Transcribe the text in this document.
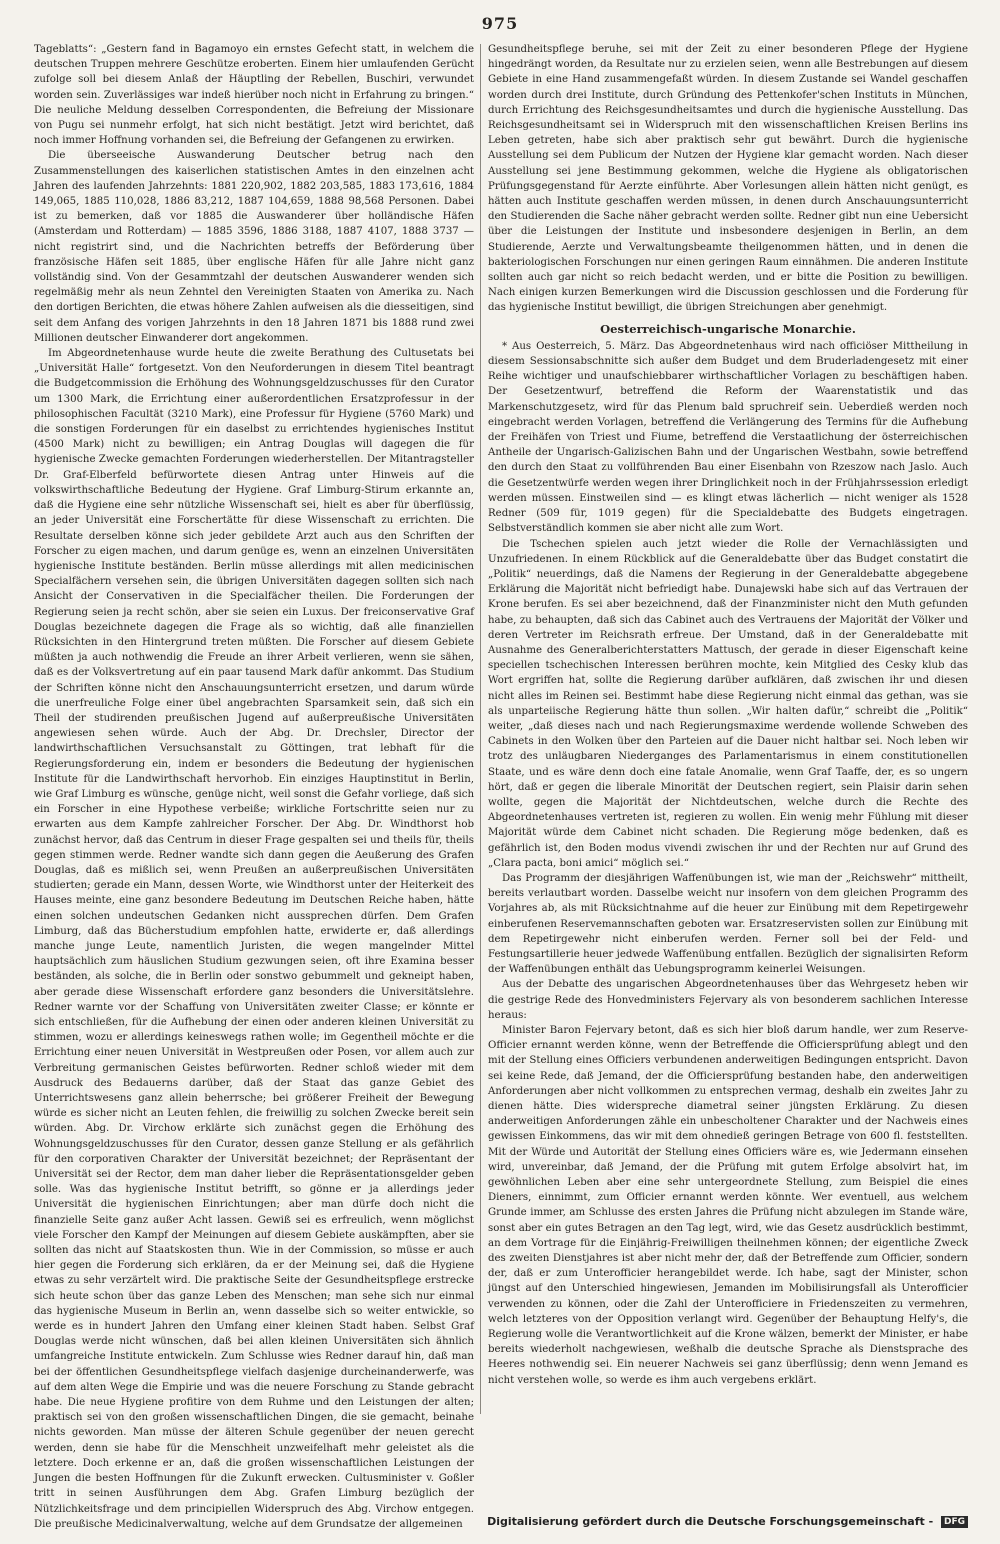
975

Tageblatts“: „Gestern fand in Bagamoyo ein ernstes Gefecht statt, in welchem die deutschen Truppen mehrere Geschütze eroberten. Einem hier umlaufenden Gerücht zufolge soll bei diesem Anlaß der Häuptling der Rebellen, Buschiri, verwundet worden sein. Zuverlässiges war indeß hierüber noch nicht in Erfahrung zu bringen.“ Die neuliche Meldung desselben Correspondenten, die Befreiung der Missionare von Pugu sei nunmehr erfolgt, hat sich nicht bestätigt. Jetzt wird berichtet, daß noch immer Hoffnung vorhanden sei, die Befreiung der Gefangenen zu erwirken.

Die überseeische Auswanderung Deutscher betrug nach den Zusammenstellungen des kaiserlichen statistischen Amtes in den einzelnen acht Jahren des laufenden Jahrzehnts: 1881 220,902, 1882 203,585, 1883 173,616, 1884 149,065, 1885 110,028, 1886 83,212, 1887 104,659, 1888 98,568 Personen. Dabei ist zu bemerken, daß vor 1885 die Auswanderer über holländische Häfen (Amsterdam und Rotterdam) — 1885 3596, 1886 3188, 1887 4107, 1888 3737 — nicht registrirt sind, und die Nachrichten betreffs der Beförderung über französische Häfen seit 1885, über englische Häfen für alle Jahre nicht ganz vollständig sind. Von der Gesammtzahl der deutschen Auswanderer wenden sich regelmäßig mehr als neun Zehntel den Vereinigten Staaten von Amerika zu. Nach den dortigen Berichten, die etwas höhere Zahlen aufweisen als die diesseitigen, sind seit dem Anfang des vorigen Jahrzehnts in den 18 Jahren 1871 bis 1888 rund zwei Millionen deutscher Einwanderer dort angekommen.

Im Abgeordnetenhause wurde heute die zweite Berathung des Cultusetats bei „Universität Halle“ fortgesetzt. Von den Neuforderungen in diesem Titel beantragt die Budgetcommission die Erhöhung des Wohnungsgeldzuschusses für den Curator um 1300 Mark, die Errichtung einer außerordentlichen Ersatzprofessur in der philosophischen Facultät (3210 Mark), eine Professur für Hygiene (5760 Mark) und die sonstigen Forderungen für ein daselbst zu errichtendes hygienisches Institut (4500 Mark) nicht zu bewilligen; ein Antrag Douglas will dagegen die für hygienische Zwecke gemachten Forderungen wiederherstellen. Der Mitantragsteller Dr. Graf-Elberfeld befürwortete diesen Antrag unter Hinweis auf die volkswirthschaftliche Bedeutung der Hygiene. Graf Limburg-Stirum erkannte an, daß die Hygiene eine sehr nützliche Wissenschaft sei, hielt es aber für überflüssig, an jeder Universität eine Forschertätte für diese Wissenschaft zu errichten. Die Resultate derselben könne sich jeder gebildete Arzt auch aus den Schriften der Forscher zu eigen machen, und darum genüge es, wenn an einzelnen Universitäten hygienische Institute beständen. Berlin müsse allerdings mit allen medicinischen Specialfächern versehen sein, die übrigen Universitäten dagegen sollten sich nach Ansicht der Conservativen in die Specialfächer theilen. Die Forderungen der Regierung seien ja recht schön, aber sie seien ein Luxus. Der freiconservative Graf Douglas bezeichnete dagegen die Frage als so wichtig, daß alle finanziellen Rücksichten in den Hintergrund treten müßten. Die Forscher auf diesem Gebiete müßten ja auch nothwendig die Freude an ihrer Arbeit verlieren, wenn sie sähen, daß es der Volksvertretung auf ein paar tausend Mark dafür ankommt. Das Studium der Schriften könne nicht den Anschauungsunterricht ersetzen, und darum würde die unerfreuliche Folge einer übel angebrachten Sparsamkeit sein, daß sich ein Theil der studirenden preußischen Jugend auf außerpreußische Universitäten angewiesen sehen würde. Auch der Abg. Dr. Drechsler, Director der landwirthschaftlichen Versuchsanstalt zu Göttingen, trat lebhaft für die Regierungsforderung ein, indem er besonders die Bedeutung der hygienischen Institute für die Landwirthschaft hervorhob. Ein einziges Hauptinstitut in Berlin, wie Graf Limburg es wünsche, genüge nicht, weil sonst die Gefahr vorliege, daß sich ein Forscher in eine Hypothese verbeiße; wirkliche Fortschritte seien nur zu erwarten aus dem Kampfe zahlreicher Forscher. Der Abg. Dr. Windthorst hob zunächst hervor, daß das Centrum in dieser Frage gespalten sei und theils für, theils gegen stimmen werde. Redner wandte sich dann gegen die Aeußerung des Grafen Douglas, daß es mißlich sei, wenn Preußen an außerpreußischen Universitäten studierten; gerade ein Mann, dessen Worte, wie Windthorst unter der Heiterkeit des Hauses meinte, eine ganz besondere Bedeutung im Deutschen Reiche haben, hätte einen solchen undeutschen Gedanken nicht aussprechen dürfen. Dem Grafen Limburg, daß das Bücherstudium empfohlen hatte, erwiderte er, daß allerdings manche junge Leute, namentlich Juristen, die wegen mangelnder Mittel hauptsächlich zum häuslichen Studium gezwungen seien, oft ihre Examina besser beständen, als solche, die in Berlin oder sonstwo gebummelt und gekneipt haben, aber gerade diese Wissenschaft erfordere ganz besonders die Universitätslehre. Redner warnte vor der Schaffung von Universitäten zweiter Classe; er könnte er sich entschließen, für die Aufhebung der einen oder anderen kleinen Universität zu stimmen, wozu er allerdings keineswegs rathen wolle; im Gegentheil möchte er die Errichtung einer neuen Universität in Westpreußen oder Posen, vor allem auch zur Verbreitung germanischen Geistes befürworten. Redner schloß wieder mit dem Ausdruck des Bedauerns darüber, daß der Staat das ganze Gebiet des Unterrichtswesens ganz allein beherrsche; bei größerer Freiheit der Bewegung würde es sicher nicht an Leuten fehlen, die freiwillig zu solchen Zwecke bereit sein würden. Abg. Dr. Virchow erklärte sich zunächst gegen die Erhöhung des Wohnungsgeldzuschusses für den Curator, dessen ganze Stellung er als gefährlich für den corporativen Charakter der Universität bezeichnet; der Repräsentant der Universität sei der Rector, dem man daher lieber die Repräsentationsgelder geben solle. Was das hygienische Institut betrifft, so gönne er ja allerdings jeder Universität die hygienischen Einrichtungen; aber man dürfe doch nicht die finanzielle Seite ganz außer Acht lassen. Gewiß sei es erfreulich, wenn möglichst viele Forscher den Kampf der Meinungen auf diesem Gebiete auskämpften, aber sie sollten das nicht auf Staatskosten thun. Wie in der Commission, so müsse er auch hier gegen die Forderung sich erklären, da er der Meinung sei, daß die Hygiene etwas zu sehr verzärtelt wird. Die praktische Seite der Gesundheitspflege erstrecke sich heute schon über das ganze Leben des Menschen; man sehe sich nur einmal das hygienische Museum in Berlin an, wenn dasselbe sich so weiter entwickle, so werde es in hundert Jahren den Umfang einer kleinen Stadt haben. Selbst Graf Douglas werde nicht wünschen, daß bei allen kleinen Universitäten sich ähnlich umfangreiche Institute entwickeln. Zum Schlusse wies Redner darauf hin, daß man bei der öffentlichen Gesundheitspflege vielfach dasjenige durcheinanderwerfe, was auf dem alten Wege die Empirie und was die neuere Forschung zu Stande gebracht habe. Die neue Hygiene profitire von dem Ruhme und den Leistungen der alten; praktisch sei von den großen wissenschaftlichen Dingen, die sie gemacht, beinahe nichts geworden. Man müsse der älteren Schule gegenüber der neuen gerecht werden, denn sie habe für die Menschheit unzweifelhaft mehr geleistet als die letztere. Doch erkenne er an, daß die großen wissenschaftlichen Leistungen der Jungen die besten Hoffnungen für die Zukunft erwecken. Cultusminister v. Goßler tritt in seinen Ausführungen dem Abg. Grafen Limburg bezüglich der Nützlichkeitsfrage und dem principiellen Widerspruch des Abg. Virchow entgegen. Die preußische Medicinalverwaltung, welche auf dem Grundsatze der allgemeinen

Gesundheitspflege beruhe, sei mit der Zeit zu einer besonderen Pflege der Hygiene hingedrängt worden, da Resultate nur zu erzielen seien, wenn alle Bestrebungen auf diesem Gebiete in eine Hand zusammengefaßt würden. In diesem Zustande sei Wandel geschaffen worden durch drei Institute, durch Gründung des Pettenkofer'schen Instituts in München, durch Errichtung des Reichsgesundheitsamtes und durch die hygienische Ausstellung. Das Reichsgesundheitsamt sei in Widerspruch mit den wissenschaftlichen Kreisen Berlins ins Leben getreten, habe sich aber praktisch sehr gut bewährt. Durch die hygienische Ausstellung sei dem Publicum der Nutzen der Hygiene klar gemacht worden. Nach dieser Ausstellung sei jene Bestimmung gekommen, welche die Hygiene als obligatorischen Prüfungsgegenstand für Aerzte einführte. Aber Vorlesungen allein hätten nicht genügt, es hätten auch Institute geschaffen werden müssen, in denen durch Anschauungsunterricht den Studierenden die Sache näher gebracht werden sollte. Redner gibt nun eine Uebersicht über die Leistungen der Institute und insbesondere desjenigen in Berlin, an dem Studierende, Aerzte und Verwaltungsbeamte theilgenommen hätten, und in denen die bakteriologischen Forschungen nur einen geringen Raum einnähmen. Die anderen Institute sollten auch gar nicht so reich bedacht werden, und er bitte die Position zu bewilligen. Nach einigen kurzen Bemerkungen wird die Discussion geschlossen und die Forderung für das hygienische Institut bewilligt, die übrigen Streichungen aber genehmigt.

Oesterreichisch-ungarische Monarchie.

* Aus Oesterreich, 5. März. Das Abgeordnetenhaus wird nach officiöser Mittheilung in diesem Sessionsabschnitte sich außer dem Budget und dem Bruderladengesetz mit einer Reihe wichtiger und unaufschiebbarer wirthschaftlicher Vorlagen zu beschäftigen haben. Der Gesetzentwurf, betreffend die Reform der Waarenstatistik und das Markenschutzgesetz, wird für das Plenum bald spruchreif sein. Ueberdieß werden noch eingebracht werden Vorlagen, betreffend die Verlängerung des Termins für die Aufhebung der Freihäfen von Triest und Fiume, betreffend die Verstaatlichung der österreichischen Antheile der Ungarisch-Galizischen Bahn und der Ungarischen Westbahn, sowie betreffend den durch den Staat zu vollführenden Bau einer Eisenbahn von Rzeszow nach Jaslo. Auch die Gesetzentwürfe werden wegen ihrer Dringlichkeit noch in der Frühjahrssession erledigt werden müssen. Einstweilen sind — es klingt etwas lächerlich — nicht weniger als 1528 Redner (509 für, 1019 gegen) für die Specialdebatte des Budgets eingetragen. Selbstverständlich kommen sie aber nicht alle zum Wort.

Die Tschechen spielen auch jetzt wieder die Rolle der Vernachlässigten und Unzufriedenen. In einem Rückblick auf die Generaldebatte über das Budget constatirt die „Politik“ neuerdings, daß die Namens der Regierung in der Generaldebatte abgegebene Erklärung die Majorität nicht befriedigt habe. Dunajewski habe sich auf das Vertrauen der Krone berufen. Es sei aber bezeichnend, daß der Finanzminister nicht den Muth gefunden habe, zu behaupten, daß sich das Cabinet auch des Vertrauens der Majorität der Völker und deren Vertreter im Reichsrath erfreue. Der Umstand, daß in der Generaldebatte mit Ausnahme des Generalberichterstatters Mattusch, der gerade in dieser Eigenschaft keine speciellen tschechischen Interessen berühren mochte, kein Mitglied des Cesky klub das Wort ergriffen hat, sollte die Regierung darüber aufklären, daß zwischen ihr und diesen nicht alles im Reinen sei. Bestimmt habe diese Regierung nicht einmal das gethan, was sie als unparteiische Regierung hätte thun sollen. „Wir halten dafür,“ schreibt die „Politik“ weiter, „daß dieses nach und nach Regierungsmaxime werdende wollende Schweben des Cabinets in den Wolken über den Parteien auf die Dauer nicht haltbar sei. Noch leben wir trotz des unläugbaren Niederganges des Parlamentarismus in einem constitutionellen Staate, und es wäre denn doch eine fatale Anomalie, wenn Graf Taaffe, der, es so ungern hört, daß er gegen die liberale Minorität der Deutschen regiert, sein Plaisir darin sehen wollte, gegen die Majorität der Nichtdeutschen, welche durch die Rechte des Abgeordnetenhauses vertreten ist, regieren zu wollen. Ein wenig mehr Fühlung mit dieser Majorität würde dem Cabinet nicht schaden. Die Regierung möge bedenken, daß es gefährlich ist, den Boden modus vivendi zwischen ihr und der Rechten nur auf Grund des „Clara pacta, boni amici“ möglich sei.“

Das Programm der diesjährigen Waffenübungen ist, wie man der „Reichswehr“ mittheilt, bereits verlautbart worden. Dasselbe weicht nur insofern von dem gleichen Programm des Vorjahres ab, als mit Rücksichtnahme auf die heuer zur Einübung mit dem Repetirgewehr einberufenen Reservemannschaften geboten war. Ersatzreservisten sollen zur Einübung mit dem Repetirgewehr nicht einberufen werden. Ferner soll bei der Feld- und Festungsartillerie heuer jedwede Waffenübung entfallen. Bezüglich der signalisirten Reform der Waffenübungen enthält das Uebungsprogramm keinerlei Weisungen.

Aus der Debatte des ungarischen Abgeordnetenhauses über das Wehrgesetz heben wir die gestrige Rede des Honvedministers Fejervary als von besonderem sachlichen Interesse heraus:

Minister Baron Fejervary betont, daß es sich hier bloß darum handle, wer zum Reserve-Officier ernannt werden könne, wenn der Betreffende die Officiersprüfung ablegt und den mit der Stellung eines Officiers verbundenen anderweitigen Bedingungen entspricht. Davon sei keine Rede, daß Jemand, der die Officiersprüfung bestanden habe, den anderweitigen Anforderungen aber nicht vollkommen zu entsprechen vermag, deshalb ein zweites Jahr zu dienen hätte. Dies widerspreche diametral seiner jüngsten Erklärung. Zu diesen anderweitigen Anforderungen zähle ein unbescholtener Charakter und der Nachweis eines gewissen Einkommens, das wir mit dem ohnedieß geringen Betrage von 600 fl. feststellten. Mit der Würde und Autorität der Stellung eines Officiers wäre es, wie Jedermann einsehen wird, unvereinbar, daß Jemand, der die Prüfung mit gutem Erfolge absolvirt hat, im gewöhnlichen Leben aber eine sehr untergeordnete Stellung, zum Beispiel die eines Dieners, einnimmt, zum Officier ernannt werden könnte. Wer eventuell, aus welchem Grunde immer, am Schlusse des ersten Jahres die Prüfung nicht abzulegen im Stande wäre, sonst aber ein gutes Betragen an den Tag legt, wird, wie das Gesetz ausdrücklich bestimmt, an dem Vortrage für die Einjährig-Freiwilligen theilnehmen können; der eigentliche Zweck des zweiten Dienstjahres ist aber nicht mehr der, daß der Betreffende zum Officier, sondern der, daß er zum Unterofficier herangebildet werde. Ich habe, sagt der Minister, schon jüngst auf den Unterschied hingewiesen, Jemanden im Mobilisirungsfall als Unterofficier verwenden zu können, oder die Zahl der Unterofficiere in Friedenszeiten zu vermehren, welch letzteres von der Opposition verlangt wird. Gegenüber der Behauptung Helfy's, die Regierung wolle die Verantwortlichkeit auf die Krone wälzen, bemerkt der Minister, er habe bereits wiederholt nachgewiesen, weßhalb die deutsche Sprache als Dienstsprache des Heeres nothwendig sei. Ein neuerer Nachweis sei ganz überflüssig; denn wenn Jemand es nicht verstehen wolle, so werde es ihm auch vergebens erklärt.

Digitalisierung gefördert durch die Deutsche Forschungsgemeinschaft - DFG
